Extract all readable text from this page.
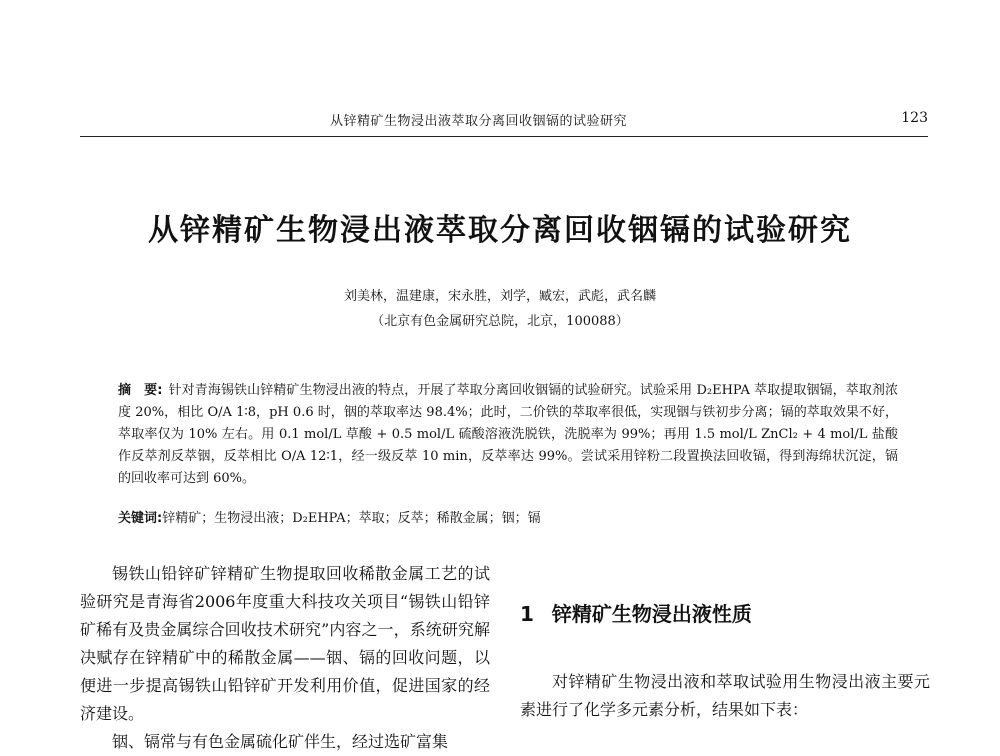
从锌精矿生物浸出液萃取分离回收铟镉的试验研究	123
从锌精矿生物浸出液萃取分离回收铟镉的试验研究
刘美林，温建康，宋永胜，刘学，臧宏，武彪，武名麟
（北京有色金属研究总院，北京，100088）
摘　要: 针对青海锡铁山锌精矿生物浸出液的特点，开展了萃取分离回收铟镉的试验研究。试验采用 D₂EHPA 萃取提取铟镉，萃取剂浓度 20%，相比 O/A 1∶8，pH 0.6 时，铟的萃取率达 98.4%；此时，二价铁的萃取率很低，实现铟与铁初步分离；镉的萃取效果不好，萃取率仅为 10% 左右。用 0.1 mol/L 草酸 + 0.5 mol/L 硫酸溶液洗脱铁，洗脱率为 99%；再用 1.5 mol/L ZnCl₂ + 4 mol/L 盐酸作反萃剂反萃铟，反萃相比 O/A 12∶1，经一级反萃 10 min，反萃率达 99%。尝试采用锌粉二段置换法回收镉，得到海绵状沉淀，镉的回收率可达到 60%。
关键词:锌精矿；生物浸出液；D₂EHPA；萃取；反萃；稀散金属；铟；镉

锡铁山铅锌矿锌精矿生物提取回收稀散金属工艺的试验研究是青海省2006年度重大科技攻关项目“锡铁山铅锌矿稀有及贵金属综合回收技术研究”内容之一，系统研究解决赋存在锌精矿中的稀散金属——铟、镉的回收问题，以便进一步提高锡铁山铅锌矿开发利用价值，促进国家的经济建设。

铟、镉常与有色金属硫化矿伴生，经过选矿富集

1 锌精矿生物浸出液性质

对锌精矿生物浸出液和萃取试验用生物浸出液主要元素进行了化学多元素分析，结果如下表：
